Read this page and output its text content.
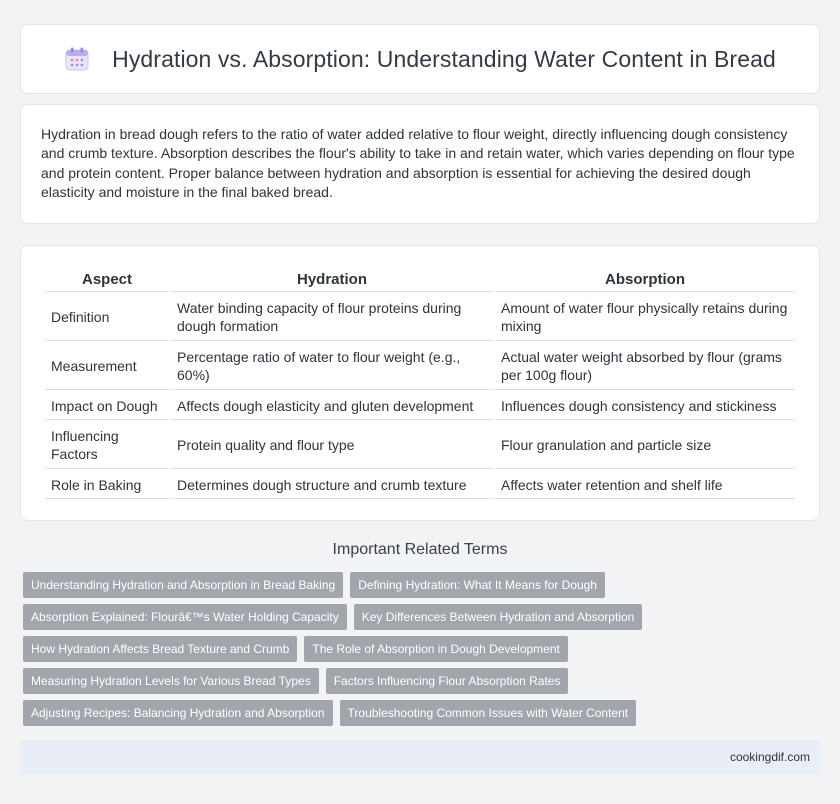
Hydration vs. Absorption: Understanding Water Content in Bread

Hydration in bread dough refers to the ratio of water added relative to flour weight, directly influencing dough consistency and crumb texture. Absorption describes the flour's ability to take in and retain water, which varies depending on flour type and protein content. Proper balance between hydration and absorption is essential for achieving the desired dough elasticity and moisture in the final baked bread.

Aspect	Hydration	Absorption
Definition	Water binding capacity of flour proteins during dough formation	Amount of water flour physically retains during mixing
Measurement	Percentage ratio of water to flour weight (e.g., 60%)	Actual water weight absorbed by flour (grams per 100g flour)
Impact on Dough	Affects dough elasticity and gluten development	Influences dough consistency and stickiness
Influencing Factors	Protein quality and flour type	Flour granulation and particle size
Role in Baking	Determines dough structure and crumb texture	Affects water retention and shelf life
Important Related Terms
Understanding Hydration and Absorption in Bread Baking	Defining Hydration: What It Means for Dough
Absorption Explained: Flourâ€™s Water Holding Capacity	Key Differences Between Hydration and Absorption
How Hydration Affects Bread Texture and Crumb	The Role of Absorption in Dough Development
Measuring Hydration Levels for Various Bread Types	Factors Influencing Flour Absorption Rates
Adjusting Recipes: Balancing Hydration and Absorption	Troubleshooting Common Issues with Water Content
cookingdif.com
